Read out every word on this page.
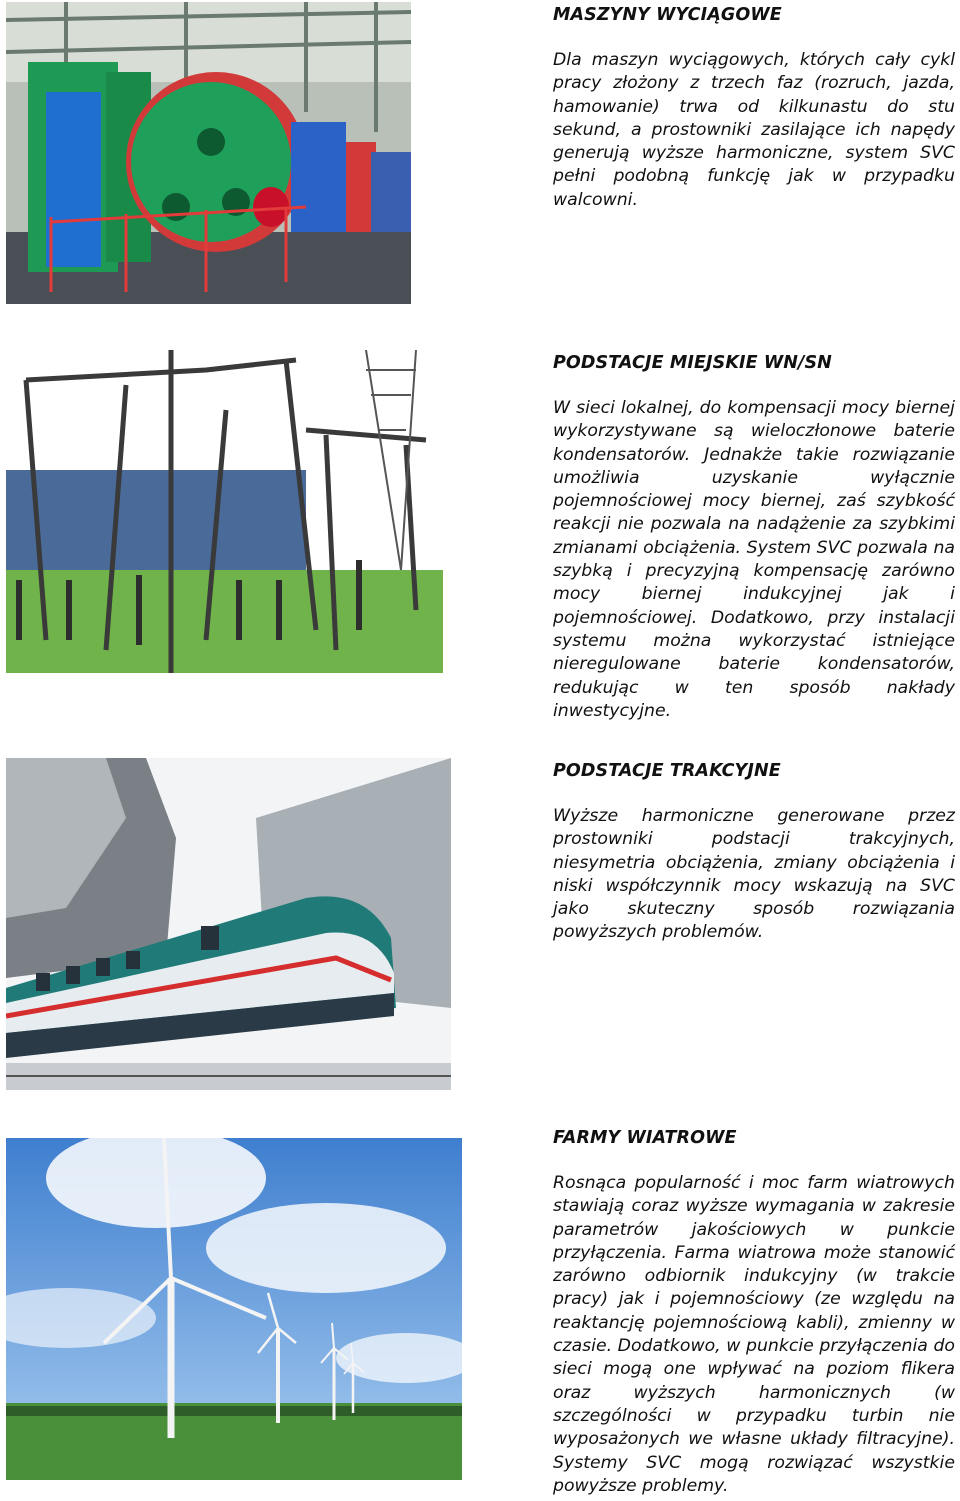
MASZYNY WYCIĄGOWE

Dla maszyn wyciągowych, których cały cykl pracy złożony z trzech faz (rozruch, jazda, hamowanie) trwa od kilkunastu do stu sekund, a prostowniki zasilające ich napędy generują wyższe harmoniczne, system SVC pełni podobną funkcję jak w przypadku walcowni.

PODSTACJE MIEJSKIE WN/SN

W sieci lokalnej, do kompensacji mocy biernej wykorzystywane są wieloczłonowe baterie kondensatorów. Jednakże takie rozwiązanie umożliwia uzyskanie wyłącznie pojemnościowej mocy biernej, zaś szybkość reakcji nie pozwala na nadążenie za szybkimi zmianami obciążenia. System SVC pozwala na szybką i precyzyjną kompensację zarówno mocy biernej indukcyjnej jak i pojemnościowej. Dodatkowo, przy instalacji systemu można wykorzystać istniejące nieregulowane baterie kondensatorów, redukując w ten sposób nakłady inwestycyjne.

PODSTACJE TRAKCYJNE

Wyższe harmoniczne generowane przez prostowniki podstacji trakcyjnych, niesymetria obciążenia, zmiany obciążenia i niski współczynnik mocy wskazują na SVC jako skuteczny sposób rozwiązania powyższych problemów.

FARMY WIATROWE

Rosnąca popularność i moc farm wiatrowych stawiają coraz wyższe wymagania w zakresie parametrów jakościowych w punkcie przyłączenia. Farma wiatrowa może stanowić zarówno odbiornik indukcyjny (w trakcie pracy) jak i pojemnościowy (ze względu na reaktancję pojemnościową kabli), zmienny w czasie. Dodatkowo, w punkcie przyłączenia do sieci mogą one wpływać na poziom flikera oraz wyższych harmonicznych (w szczególności w przypadku turbin nie wyposażonych we własne układy filtracyjne). Systemy SVC mogą rozwiązać wszystkie powyższe problemy.
